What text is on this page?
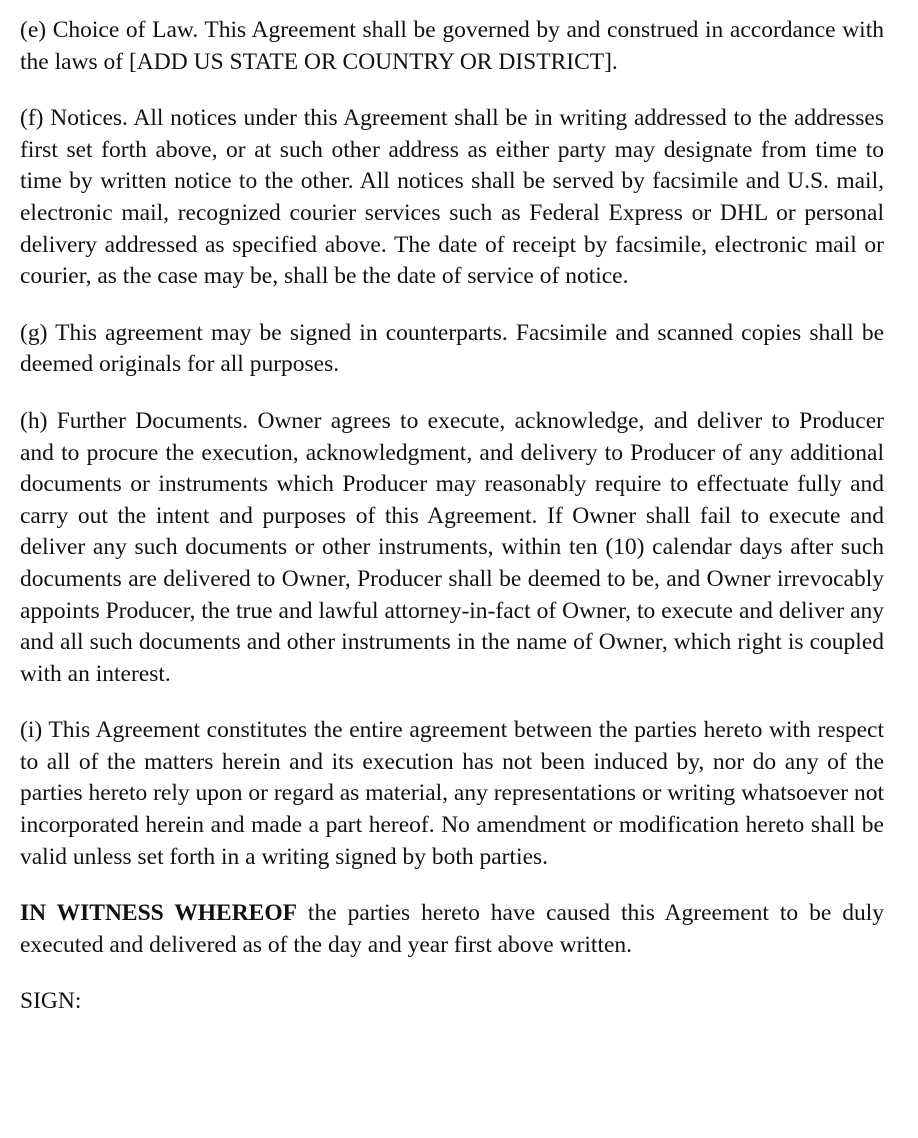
(e) Choice of Law. This Agreement shall be governed by and construed in accordance with the laws of [ADD US STATE OR COUNTRY OR DISTRICT].

(f) Notices. All notices under this Agreement shall be in writing addressed to the addresses first set forth above, or at such other address as either party may designate from time to time by written notice to the other. All notices shall be served by facsimile and U.S. mail, electronic mail, recognized courier services such as Federal Express or DHL or personal delivery addressed as specified above. The date of receipt by facsimile, electronic mail or courier, as the case may be, shall be the date of service of notice.

(g) This agreement may be signed in counterparts. Facsimile and scanned copies shall be deemed originals for all purposes.

(h) Further Documents. Owner agrees to execute, acknowledge, and deliver to Producer and to procure the execution, acknowledgment, and delivery to Producer of any additional documents or instruments which Producer may reasonably require to effectuate fully and carry out the intent and purposes of this Agreement. If Owner shall fail to execute and deliver any such documents or other instruments, within ten (10) calendar days after such documents are delivered to Owner, Producer shall be deemed to be, and Owner irrevocably appoints Producer, the true and lawful attorney-in-fact of Owner, to execute and deliver any and all such documents and other instruments in the name of Owner, which right is coupled with an interest.

(i) This Agreement constitutes the entire agreement between the parties hereto with respect to all of the matters herein and its execution has not been induced by, nor do any of the parties hereto rely upon or regard as material, any representations or writing whatsoever not incorporated herein and made a part hereof. No amendment or modification hereto shall be valid unless set forth in a writing signed by both parties.

IN WITNESS WHEREOF the parties hereto have caused this Agreement to be duly executed and delivered as of the day and year first above written.

SIGN:
